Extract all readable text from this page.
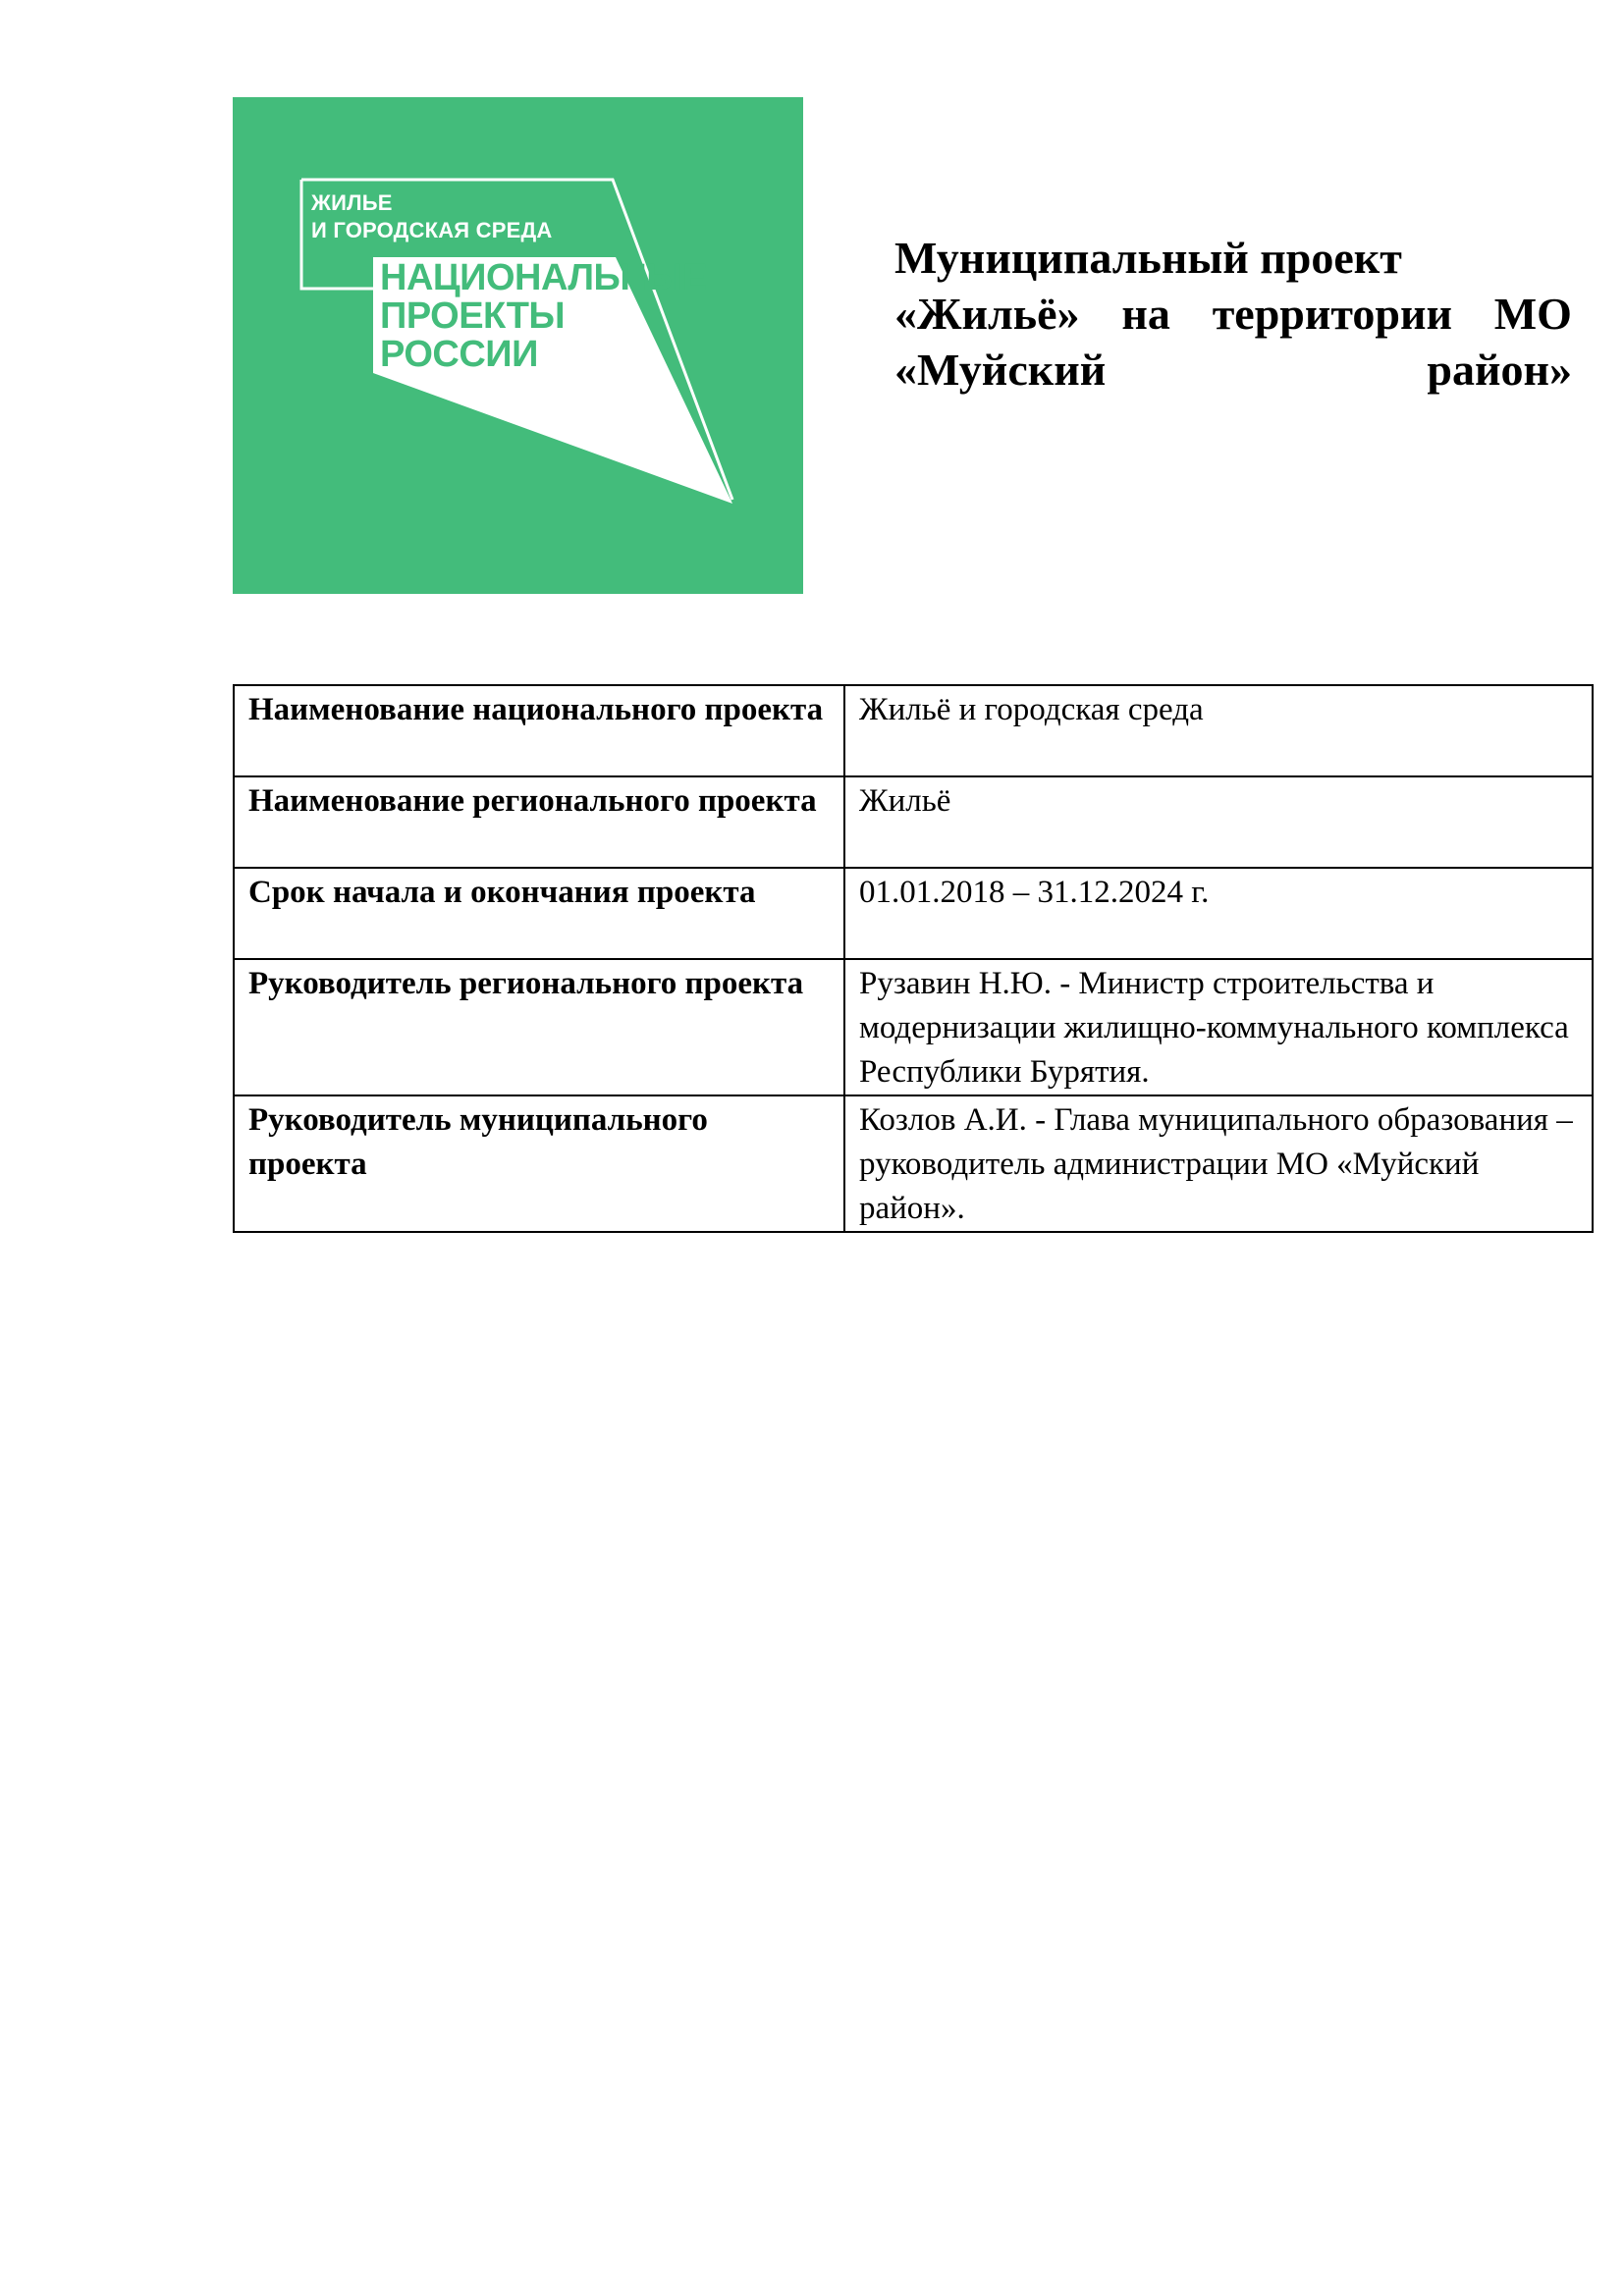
ЖИЛЬЕ
И ГОРОДСКАЯ СРЕДА
НАЦИОНАЛЬНЫЕ
ПРОЕКТЫ
РОССИИ
Муниципальный проект
«Жильё» на территории МО
«Муйский	район»
Наименование национального проекта	Жильё и городская среда
Наименование регионального проекта	Жильё
Срок начала и окончания проекта	01.01.2018 – 31.12.2024 г.
Руководитель регионального проекта	Рузавин Н.Ю. - Министр строительства и модернизации жилищно-коммунального комплекса Республики Бурятия.
Руководитель муниципального проекта	Козлов А.И. - Глава муниципального образования – руководитель администрации МО «Муйский район».
